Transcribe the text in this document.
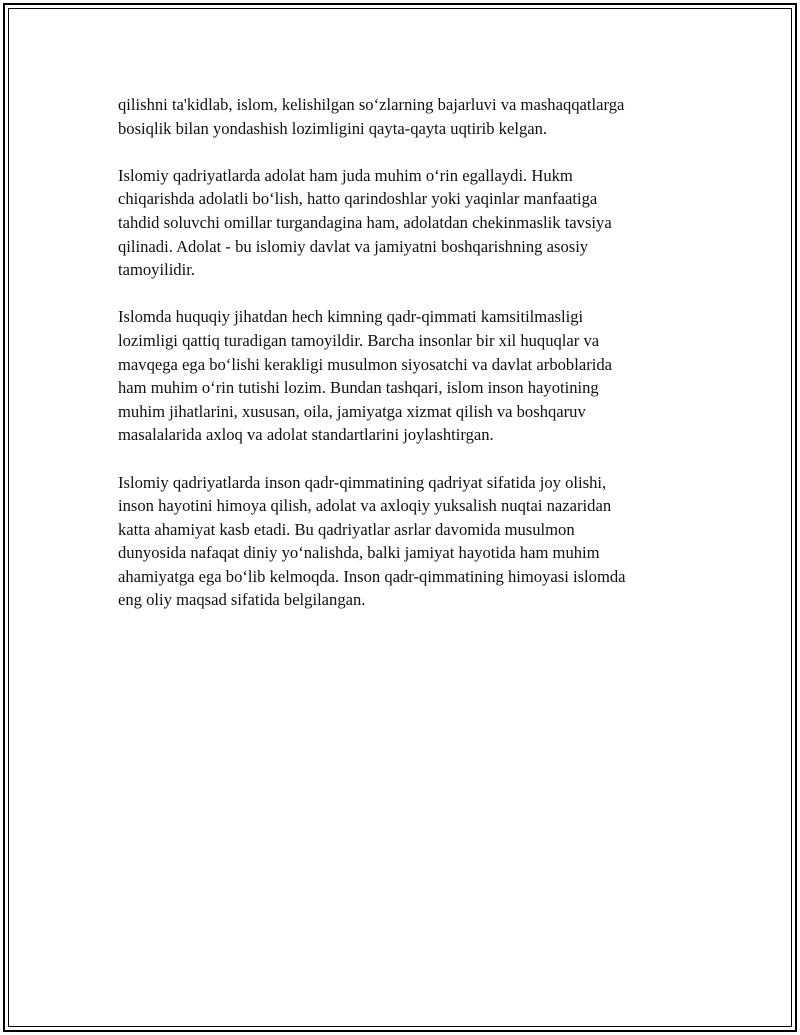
qilishni ta'kidlab, islom, kelishilgan so‘zlarning bajarluvi va mashaqqatlarga
bosiqlik bilan yondashish lozimligini qayta-qayta uqtirib kelgan.

Islomiy qadriyatlarda adolat ham juda muhim o‘rin egallaydi. Hukm
chiqarishda adolatli bo‘lish, hatto qarindoshlar yoki yaqinlar manfaatiga
tahdid soluvchi omillar turgandagina ham, adolatdan chekinmaslik tavsiya
qilinadi. Adolat - bu islomiy davlat va jamiyatni boshqarishning asosiy
tamoyilidir.

Islomda huquqiy jihatdan hech kimning qadr-qimmati kamsitilmasligi
lozimligi qattiq turadigan tamoyildir. Barcha insonlar bir xil huquqlar va
mavqega ega bo‘lishi kerakligi musulmon siyosatchi va davlat arboblarida
ham muhim o‘rin tutishi lozim. Bundan tashqari, islom inson hayotining
muhim jihatlarini, xususan, oila, jamiyatga xizmat qilish va boshqaruv
masalalarida axloq va adolat standartlarini joylashtirgan.

Islomiy qadriyatlarda inson qadr-qimmatining qadriyat sifatida joy olishi,
inson hayotini himoya qilish, adolat va axloqiy yuksalish nuqtai nazaridan
katta ahamiyat kasb etadi. Bu qadriyatlar asrlar davomida musulmon
dunyosida nafaqat diniy yo‘nalishda, balki jamiyat hayotida ham muhim
ahamiyatga ega bo‘lib kelmoqda. Inson qadr-qimmatining himoyasi islomda
eng oliy maqsad sifatida belgilangan.
